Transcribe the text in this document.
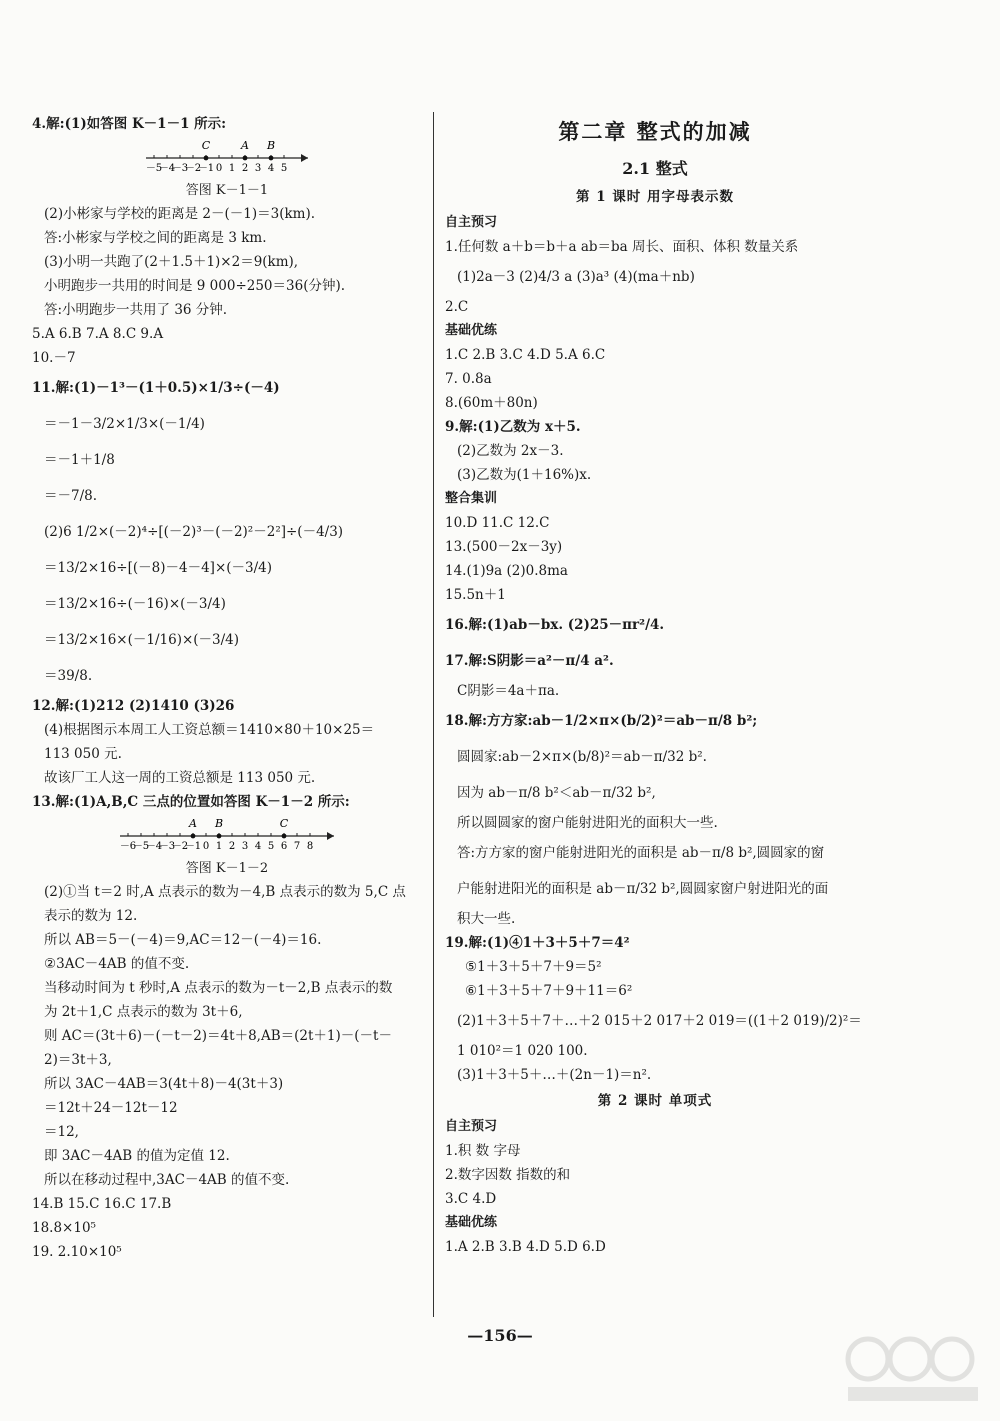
4.解:(1)如答图 K－1－1 所示:
－5
－4
－3
－2
－1 0 1 2 3 4 5
C	A B
答图 K－1－1
(2)小彬家与学校的距离是 2－(－1)＝3(km).
答:小彬家与学校之间的距离是 3 km.
(3)小明一共跑了(2＋1.5＋1)×2＝9(km),
小明跑步一共用的时间是 9 000÷250＝36(分钟).
答:小明跑步一共用了 36 分钟.
5.A 6.B 7.A 8.C 9.A
10.－7
11.解:(1)－1³－(1＋0.5)×1/3÷(－4)
＝－1－3/2×1/3×(－1/4)
＝－1＋1/8
＝－7/8.
(2)6 1/2×(－2)⁴÷[(－2)³－(－2)²－2²]÷(－4/3)
＝13/2×16÷[(－8)－4－4]×(－3/4)
＝13/2×16÷(－16)×(－3/4)
＝13/2×16×(－1/16)×(－3/4)
＝39/8.
12.解:(1)212 (2)1410 (3)26
(4)根据图示本周工人工资总额＝1410×80＋10×25＝
113 050 元.
故该厂工人这一周的工资总额是 113 050 元.
13.解:(1)A,B,C 三点的位置如答图 K－1－2 所示:
－6
－5
－4
－3
－2
－1 0 1 2 3 4 5 6 7 8
A B	C
答图 K－1－2
(2)①当 t＝2 时,A 点表示的数为－4,B 点表示的数为 5,C 点
表示的数为 12.
所以 AB＝5－(－4)＝9,AC＝12－(－4)＝16.
②3AC－4AB 的值不变.
当移动时间为 t 秒时,A 点表示的数为－t－2,B 点表示的数
为 2t＋1,C 点表示的数为 3t＋6,
则 AC＝(3t＋6)－(－t－2)＝4t＋8,AB＝(2t＋1)－(－t－
2)＝3t＋3,
所以 3AC－4AB＝3(4t＋8)－4(3t＋3)
＝12t＋24－12t－12
＝12,
即 3AC－4AB 的值为定值 12.
所以在移动过程中,3AC－4AB 的值不变.
14.B 15.C 16.C 17.B
18.8×10⁵
19. 2.10×10⁵
第二章 整式的加减
2.1 整式
第 1 课时 用字母表示数
自主预习
1.任何数 a＋b＝b＋a ab＝ba 周长、面积、体积 数量关系
(1)2a－3 (2)4/3 a (3)a³ (4)(ma＋nb)
2.C
基础优练
1.C 2.B 3.C 4.D 5.A 6.C
7. 0.8a
8.(60m＋80n)
9.解:(1)乙数为 x＋5.
(2)乙数为 2x－3.
(3)乙数为(1＋16%)x.
整合集训
10.D 11.C 12.C
13.(500－2x－3y)
14.(1)9a (2)0.8ma
15.5n＋1
16.解:(1)ab－bx. (2)25－πr²/4.
17.解:S阴影＝a²－π/4 a².
C阴影＝4a＋πa.
18.解:方方家:ab－1/2×π×(b/2)²＝ab－π/8 b²;
圆圆家:ab－2×π×(b/8)²＝ab－π/32 b².
因为 ab－π/8 b²＜ab－π/32 b²,
所以圆圆家的窗户能射进阳光的面积大一些.
答:方方家的窗户能射进阳光的面积是 ab－π/8 b²,圆圆家的窗
户能射进阳光的面积是 ab－π/32 b²,圆圆家窗户射进阳光的面
积大一些.
19.解:(1)④1＋3＋5＋7＝4²
⑤1＋3＋5＋7＋9＝5²
⑥1＋3＋5＋7＋9＋11＝6²
(2)1＋3＋5＋7＋…＋2 015＋2 017＋2 019＝((1＋2 019)/2)²＝
1 010²＝1 020 100.
(3)1＋3＋5＋…＋(2n－1)＝n².
第 2 课时 单项式
自主预习
1.积 数 字母
2.数字因数 指数的和
3.C 4.D
基础优练
1.A 2.B 3.B 4.D 5.D 6.D
—156—
